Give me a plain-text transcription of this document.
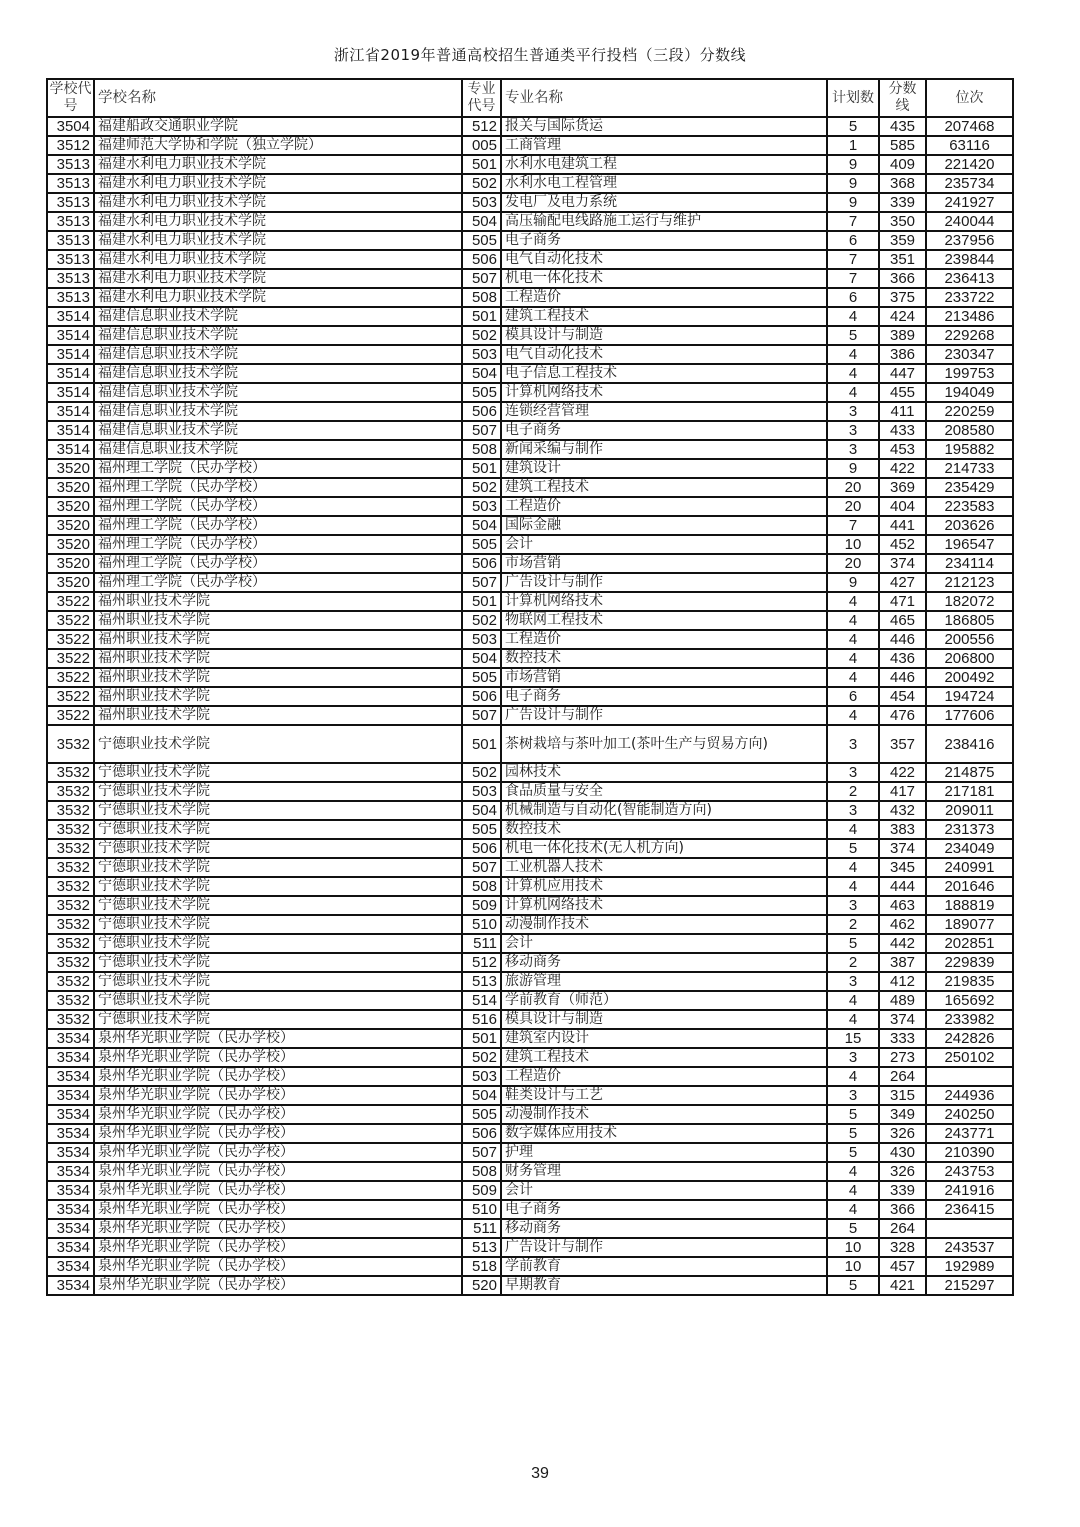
浙江省2019年普通高校招生普通类平行投档（三段）分数线
学校代号	学校名称	专业代号	专业名称	计划数	分数线	位次
3504	福建船政交通职业学院	512	报关与国际货运	5	435	207468
3512	福建师范大学协和学院（独立学院）	005	工商管理	1	585	63116
3513	福建水利电力职业技术学院	501	水利水电建筑工程	9	409	221420
3513	福建水利电力职业技术学院	502	水利水电工程管理	9	368	235734
3513	福建水利电力职业技术学院	503	发电厂及电力系统	9	339	241927
3513	福建水利电力职业技术学院	504	高压输配电线路施工运行与维护	7	350	240044
3513	福建水利电力职业技术学院	505	电子商务	6	359	237956
3513	福建水利电力职业技术学院	506	电气自动化技术	7	351	239844
3513	福建水利电力职业技术学院	507	机电一体化技术	7	366	236413
3513	福建水利电力职业技术学院	508	工程造价	6	375	233722
3514	福建信息职业技术学院	501	建筑工程技术	4	424	213486
3514	福建信息职业技术学院	502	模具设计与制造	5	389	229268
3514	福建信息职业技术学院	503	电气自动化技术	4	386	230347
3514	福建信息职业技术学院	504	电子信息工程技术	4	447	199753
3514	福建信息职业技术学院	505	计算机网络技术	4	455	194049
3514	福建信息职业技术学院	506	连锁经营管理	3	411	220259
3514	福建信息职业技术学院	507	电子商务	3	433	208580
3514	福建信息职业技术学院	508	新闻采编与制作	3	453	195882
3520	福州理工学院（民办学校）	501	建筑设计	9	422	214733
3520	福州理工学院（民办学校）	502	建筑工程技术	20	369	235429
3520	福州理工学院（民办学校）	503	工程造价	20	404	223583
3520	福州理工学院（民办学校）	504	国际金融	7	441	203626
3520	福州理工学院（民办学校）	505	会计	10	452	196547
3520	福州理工学院（民办学校）	506	市场营销	20	374	234114
3520	福州理工学院（民办学校）	507	广告设计与制作	9	427	212123
3522	福州职业技术学院	501	计算机网络技术	4	471	182072
3522	福州职业技术学院	502	物联网工程技术	4	465	186805
3522	福州职业技术学院	503	工程造价	4	446	200556
3522	福州职业技术学院	504	数控技术	4	436	206800
3522	福州职业技术学院	505	市场营销	4	446	200492
3522	福州职业技术学院	506	电子商务	6	454	194724
3522	福州职业技术学院	507	广告设计与制作	4	476	177606
3532	宁德职业技术学院	501	茶树栽培与茶叶加工(茶叶生产与贸易方向)	3	357	238416
3532	宁德职业技术学院	502	园林技术	3	422	214875
3532	宁德职业技术学院	503	食品质量与安全	2	417	217181
3532	宁德职业技术学院	504	机械制造与自动化(智能制造方向)	3	432	209011
3532	宁德职业技术学院	505	数控技术	4	383	231373
3532	宁德职业技术学院	506	机电一体化技术(无人机方向)	5	374	234049
3532	宁德职业技术学院	507	工业机器人技术	4	345	240991
3532	宁德职业技术学院	508	计算机应用技术	4	444	201646
3532	宁德职业技术学院	509	计算机网络技术	3	463	188819
3532	宁德职业技术学院	510	动漫制作技术	2	462	189077
3532	宁德职业技术学院	511	会计	5	442	202851
3532	宁德职业技术学院	512	移动商务	2	387	229839
3532	宁德职业技术学院	513	旅游管理	3	412	219835
3532	宁德职业技术学院	514	学前教育（师范）	4	489	165692
3532	宁德职业技术学院	516	模具设计与制造	4	374	233982
3534	泉州华光职业学院（民办学校）	501	建筑室内设计	15	333	242826
3534	泉州华光职业学院（民办学校）	502	建筑工程技术	3	273	250102
3534	泉州华光职业学院（民办学校）	503	工程造价	4	264	
3534	泉州华光职业学院（民办学校）	504	鞋类设计与工艺	3	315	244936
3534	泉州华光职业学院（民办学校）	505	动漫制作技术	5	349	240250
3534	泉州华光职业学院（民办学校）	506	数字媒体应用技术	5	326	243771
3534	泉州华光职业学院（民办学校）	507	护理	5	430	210390
3534	泉州华光职业学院（民办学校）	508	财务管理	4	326	243753
3534	泉州华光职业学院（民办学校）	509	会计	4	339	241916
3534	泉州华光职业学院（民办学校）	510	电子商务	4	366	236415
3534	泉州华光职业学院（民办学校）	511	移动商务	5	264	
3534	泉州华光职业学院（民办学校）	513	广告设计与制作	10	328	243537
3534	泉州华光职业学院（民办学校）	518	学前教育	10	457	192989
3534	泉州华光职业学院（民办学校）	520	早期教育	5	421	215297
39
